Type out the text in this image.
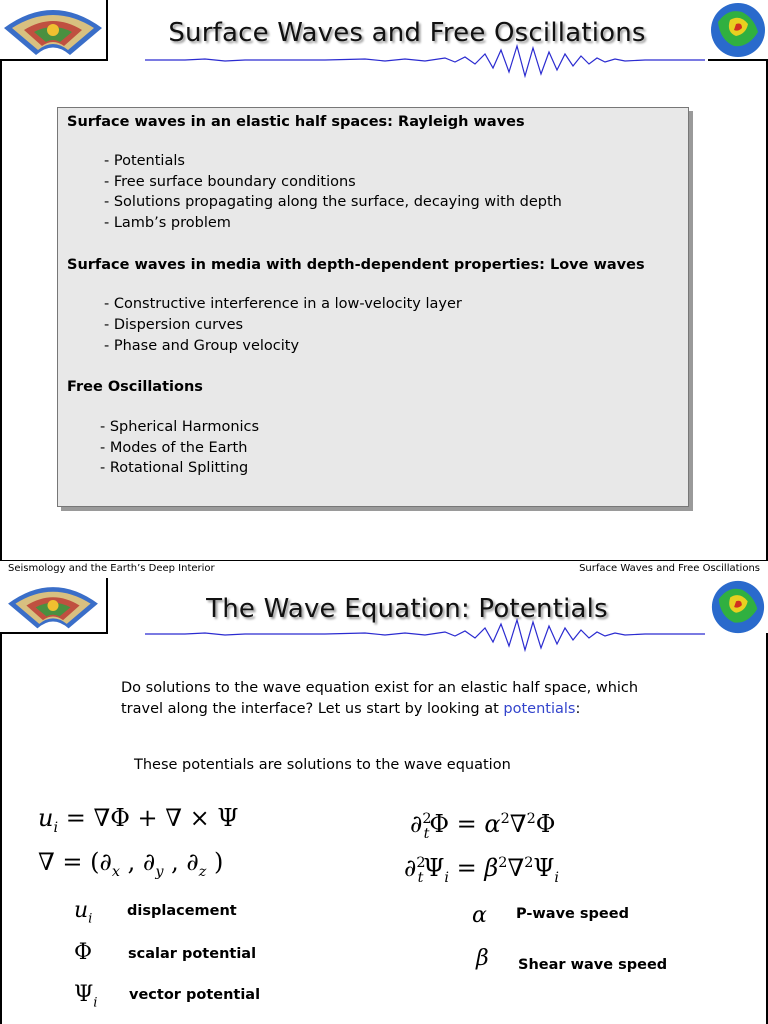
Surface Waves and Free Oscillations

Surface waves in an elastic half spaces: Rayleigh waves

- Potentials

- Free surface boundary conditions

- Solutions propagating along the surface, decaying with depth

- Lamb’s problem

Surface waves in media with depth-dependent properties: Love waves

- Constructive interference in a low-velocity layer

- Dispersion curves

- Phase and Group velocity

Free Oscillations

- Spherical Harmonics

- Modes of the Earth

- Rotational Splitting

Seismology and the Earth’s Deep Interior	Surface Waves and Free Oscillations
The Wave Equation: Potentials
Do solutions to the wave equation exist for an elastic half space, which
travel along the interface? Let us start by looking at potentials:
These potentials are solutions to the wave equation
$u_i = \nabla\Phi$ + ∇ × Ψ
∇ = ($\partial_x$ , $\partial_y$ , $\partial_z$ )
$\partial^2_t\Phi = \alpha^2\nabla^2\Phi$
$\partial^2_t\Psi_i = \beta^2\nabla^2\Psi_i$
$u_i$ displacement
Φ scalar potential
$\Psi_i$ vector potential
α P-wave speed
β Shear wave speed
